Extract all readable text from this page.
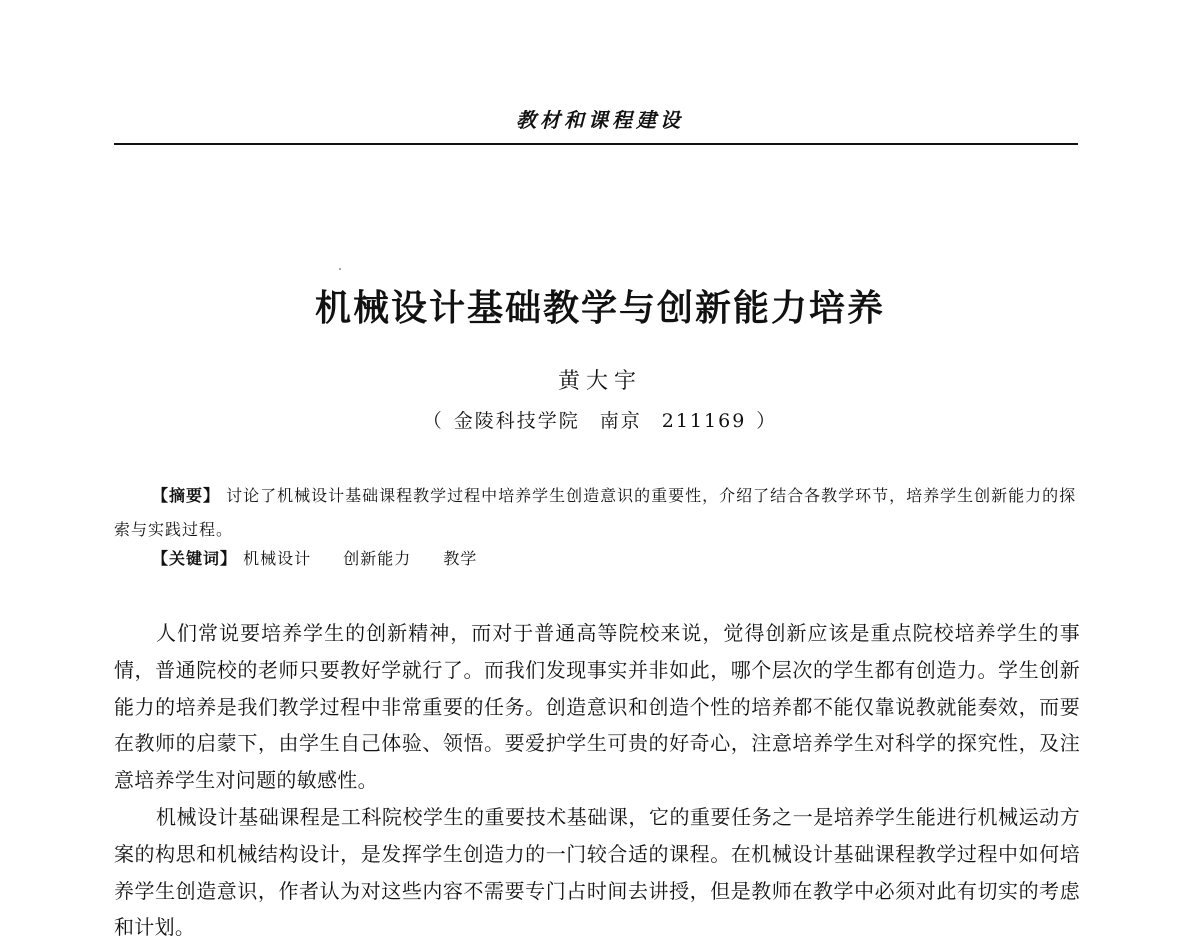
教材和课程建设
机械设计基础教学与创新能力培养
黄大宇
（ 金陵科技学院 南京 211169 ）
【摘要】 讨论了机械设计基础课程教学过程中培养学生创造意识的重要性，介绍了结合各教学环节，培养学生创新能力的探索与实践过程。
【关键词】 机械设计 创新能力 教学

人们常说要培养学生的创新精神，而对于普通高等院校来说，觉得创新应该是重点院校培养学生的事情，普通院校的老师只要教好学就行了。而我们发现事实并非如此，哪个层次的学生都有创造力。学生创新能力的培养是我们教学过程中非常重要的任务。创造意识和创造个性的培养都不能仅靠说教就能奏效，而要在教师的启蒙下，由学生自己体验、领悟。要爱护学生可贵的好奇心，注意培养学生对科学的探究性，及注意培养学生对问题的敏感性。

机械设计基础课程是工科院校学生的重要技术基础课，它的重要任务之一是培养学生能进行机械运动方案的构思和机械结构设计，是发挥学生创造力的一门较合适的课程。在机械设计基础课程教学过程中如何培养学生创造意识，作者认为对这些内容不需要专门占时间去讲授，但是教师在教学中必须对此有切实的考虑和计划。
